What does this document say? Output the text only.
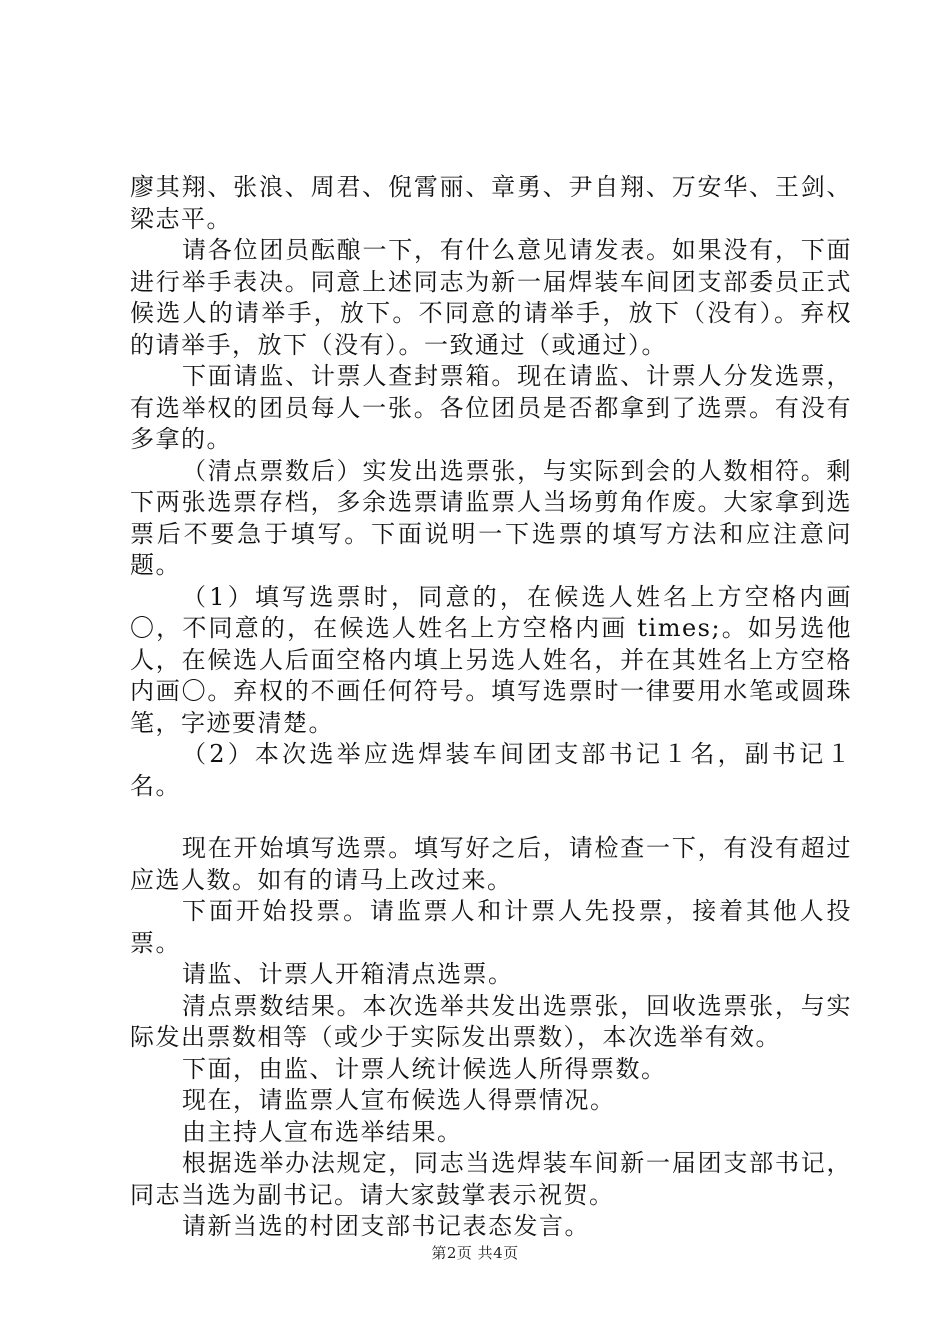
廖其翔、张浪、周君、倪霄丽、章勇、尹自翔、万安华、王剑、梁志平。

请各位团员酝酿一下，有什么意见请发表。如果没有，下面进行举手表决。同意上述同志为新一届焊装车间团支部委员正式候选人的请举手，放下。不同意的请举手，放下（没有）。弃权的请举手，放下（没有）。一致通过（或通过）。

下面请监、计票人查封票箱。现在请监、计票人分发选票，有选举权的团员每人一张。各位团员是否都拿到了选票。有没有多拿的。

（清点票数后）实发出选票张，与实际到会的人数相符。剩下两张选票存档，多余选票请监票人当场剪角作废。大家拿到选票后不要急于填写。下面说明一下选票的填写方法和应注意问题。

（1）填写选票时，同意的，在候选人姓名上方空格内画〇，不同意的，在候选人姓名上方空格内画 times;。如另选他人，在候选人后面空格内填上另选人姓名，并在其姓名上方空格内画〇。弃权的不画任何符号。填写选票时一律要用水笔或圆珠笔，字迹要清楚。

（2）本次选举应选焊装车间团支部书记１名，副书记１名。

现在开始填写选票。填写好之后，请检查一下，有没有超过应选人数。如有的请马上改过来。

下面开始投票。请监票人和计票人先投票，接着其他人投票。

请监、计票人开箱清点选票。

清点票数结果。本次选举共发出选票张，回收选票张，与实际发出票数相等（或少于实际发出票数），本次选举有效。

下面，由监、计票人统计候选人所得票数。

现在，请监票人宣布候选人得票情况。

由主持人宣布选举结果。

根据选举办法规定，同志当选焊装车间新一届团支部书记，同志当选为副书记。请大家鼓掌表示祝贺。

请新当选的村团支部书记表态发言。

第2页 共4页
